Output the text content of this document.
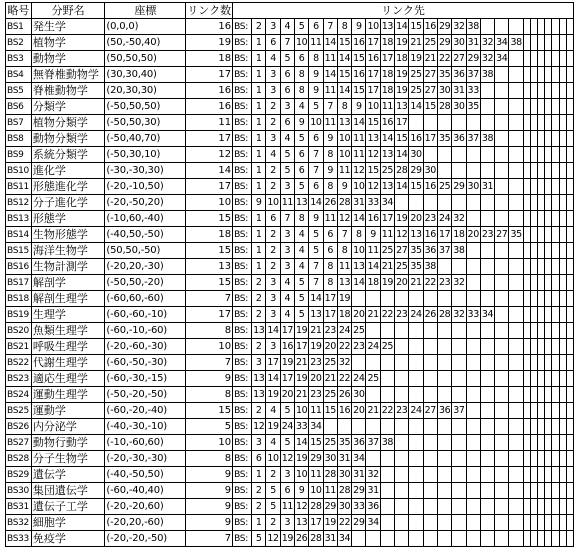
略号	分野名	座標	リンク数	リンク先																										
BS1	発生学	(0,0,0)	16	BS:	2	3	4	5	6	7	8	9	10	13	14	15	16	29	32	38										
BS2	植物学	(50,-50,40)	19	BS:	1	6	7	10	11	14	15	16	17	18	19	21	25	29	30	31	32	34	38							
BS3	動物学	(50,50,50)	18	BS:	1	4	5	6	8	11	14	15	16	17	18	19	21	22	27	29	32	34								
BS4	無脊椎動物学	(30,30,40)	17	BS:	1	3	6	8	9	14	15	16	17	18	19	25	27	35	36	37	38									
BS5	脊椎動物学	(20,30,30)	16	BS:	1	3	6	8	9	11	14	15	17	18	19	25	27	30	31	33										
BS6	分類学	(-50,50,50)	16	BS:	1	2	3	4	5	7	8	9	10	11	13	14	15	28	30	35										
BS7	植物分類学	(-50,50,30)	11	BS:	1	2	6	9	10	11	13	14	15	16	17															
BS8	動物分類学	(-50,40,70)	17	BS:	1	3	4	5	6	9	10	11	13	14	15	16	17	35	36	37	38									
BS9	系統分類学	(-50,30,10)	12	BS:	1	4	5	6	7	8	10	11	12	13	14	30														
BS10	進化学	(-30,-30,30)	14	BS:	1	2	5	6	7	9	11	12	15	25	28	29	30													
BS11	形態進化学	(-20,-10,50)	17	BS:	1	2	3	5	6	8	9	10	12	13	14	15	16	25	29	30	31									
BS12	分子進化学	(-20,-50,20)	10	BS:	9	10	11	13	14	26	28	31	33	34																
BS13	形態学	(-10,60,-40)	15	BS:	1	6	7	8	9	11	12	14	16	17	19	20	23	24	32											
BS14	生物形態学	(-40,50,-50)	18	BS:	1	2	3	4	5	6	7	8	9	11	12	13	16	17	18	20	23	27	35							
BS15	海洋生物学	(50,50,-50)	15	BS:	1	2	3	4	5	6	8	10	11	25	27	35	36	37	38											
BS16	生物計測学	(-20,20,-30)	13	BS:	1	2	3	4	7	8	11	13	14	21	25	35	38													
BS17	解剖学	(-50,50,-20)	15	BS:	2	3	4	5	7	8	13	14	18	19	20	21	22	23	32											
BS18	解剖生理学	(-60,60,-60)	7	BS:	2	3	4	5	14	17	19																			
BS19	生理学	(-60,-60,-10)	17	BS:	2	3	4	5	13	17	18	20	21	22	23	24	26	28	32	33	34									
BS20	魚類生理学	(-60,-10,-60)	8	BS:	13	14	17	19	21	23	24	25																		
BS21	呼吸生理学	(-20,-60,-30)	10	BS:	2	3	16	17	19	20	22	23	24	25																
BS22	代謝生理学	(-60,-50,-30)	7	BS:	3	17	19	21	23	25	32																			
BS23	適応生理学	(-60,-30,-15)	9	BS:	13	14	17	19	20	21	22	24	25																	
BS24	運動生理学	(-50,-20,-50)	8	BS:	13	19	20	21	23	25	26	30																		
BS25	運動学	(-60,-20,-40)	15	BS:	2	4	5	10	11	15	16	20	21	22	23	24	27	36	37											
BS26	内分泌学	(-40,-30,-10)	5	BS:	12	19	24	33	34																					
BS27	動物行動学	(-10,-60,60)	10	BS:	3	4	5	14	15	25	35	36	37	38																
BS28	分子生物学	(-20,-30,-30)	8	BS:	6	10	12	19	29	30	31	34																		
BS29	遺伝学	(-40,-50,50)	9	BS:	1	2	3	10	11	28	30	31	32																	
BS30	集団遺伝学	(-60,-40,40)	9	BS:	2	5	6	9	10	11	28	29	31																	
BS31	遺伝子工学	(-20,-20,60)	9	BS:	2	5	11	12	28	29	30	33	36																	
BS32	細胞学	(-20,20,-60)	9	BS:	1	2	3	13	17	19	22	29	34																	
BS33	免疫学	(-20,-20,-50)	7	BS:	5	12	19	26	28	31	34																			
